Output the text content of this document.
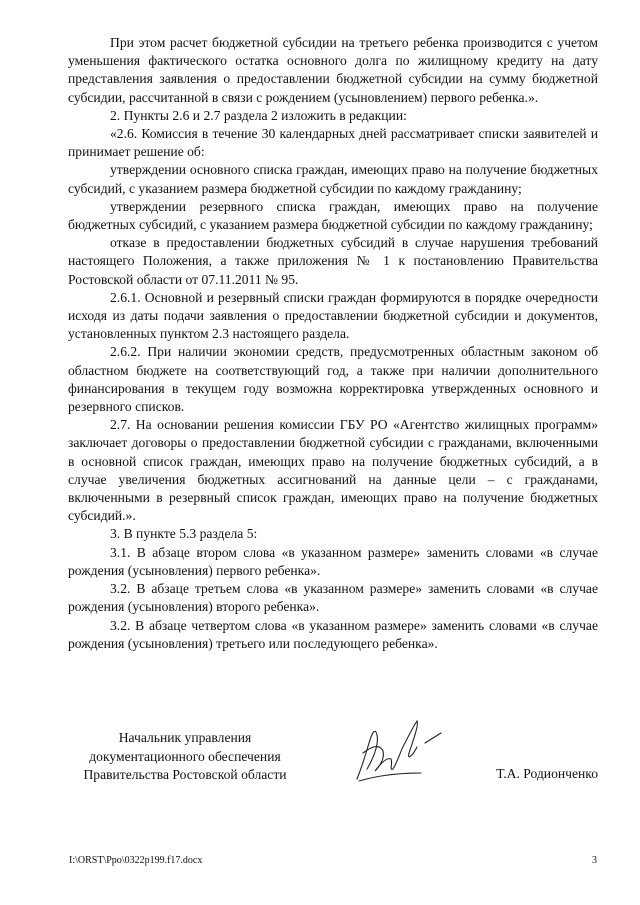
При этом расчет бюджетной субсидии на третьего ребенка производится с учетом уменьшения фактического остатка основного долга по жилищному кредиту на дату представления заявления о предоставлении бюджетной субсидии на сумму бюджетной субсидии, рассчитанной в связи с рождением (усыновлением) первого ребенка.».

2. Пункты 2.6 и 2.7 раздела 2 изложить в редакции:

«2.6. Комиссия в течение 30 календарных дней рассматривает списки заявителей и принимает решение об:

утверждении основного списка граждан, имеющих право на получение бюджетных субсидий, с указанием размера бюджетной субсидии по каждому гражданину;

утверждении резервного списка граждан, имеющих право на получение бюджетных субсидий, с указанием размера бюджетной субсидии по каждому гражданину;

отказе в предоставлении бюджетных субсидий в случае нарушения требований настоящего Положения, а также приложения № 1 к постановлению Правительства Ростовской области от 07.11.2011 № 95.

2.6.1. Основной и резервный списки граждан формируются в порядке очередности исходя из даты подачи заявления о предоставлении бюджетной субсидии и документов, установленных пунктом 2.3 настоящего раздела.

2.6.2. При наличии экономии средств, предусмотренных областным законом об областном бюджете на соответствующий год, а также при наличии дополнительного финансирования в текущем году возможна корректировка утвержденных основного и резервного списков.

2.7. На основании решения комиссии ГБУ РО «Агентство жилищных программ» заключает договоры о предоставлении бюджетной субсидии с гражданами, включенными в основной список граждан, имеющих право на получение бюджетных субсидий, а в случае увеличения бюджетных ассигнований на данные цели – с гражданами, включенными в резервный список граждан, имеющих право на получение бюджетных субсидий.».

3. В пункте 5.3 раздела 5:

3.1. В абзаце втором слова «в указанном размере» заменить словами «в случае рождения (усыновления) первого ребенка».

3.2. В абзаце третьем слова «в указанном размере» заменить словами «в случае рождения (усыновления) второго ребенка».

3.2. В абзаце четвертом слова «в указанном размере» заменить словами «в случае рождения (усыновления) третьего или последующего ребенка».

Начальник управления
документационного обеспечения
Правительства Ростовской области	Т.А. Родионченко
I:\ORST\Ppo\0322p199.f17.docx	3
